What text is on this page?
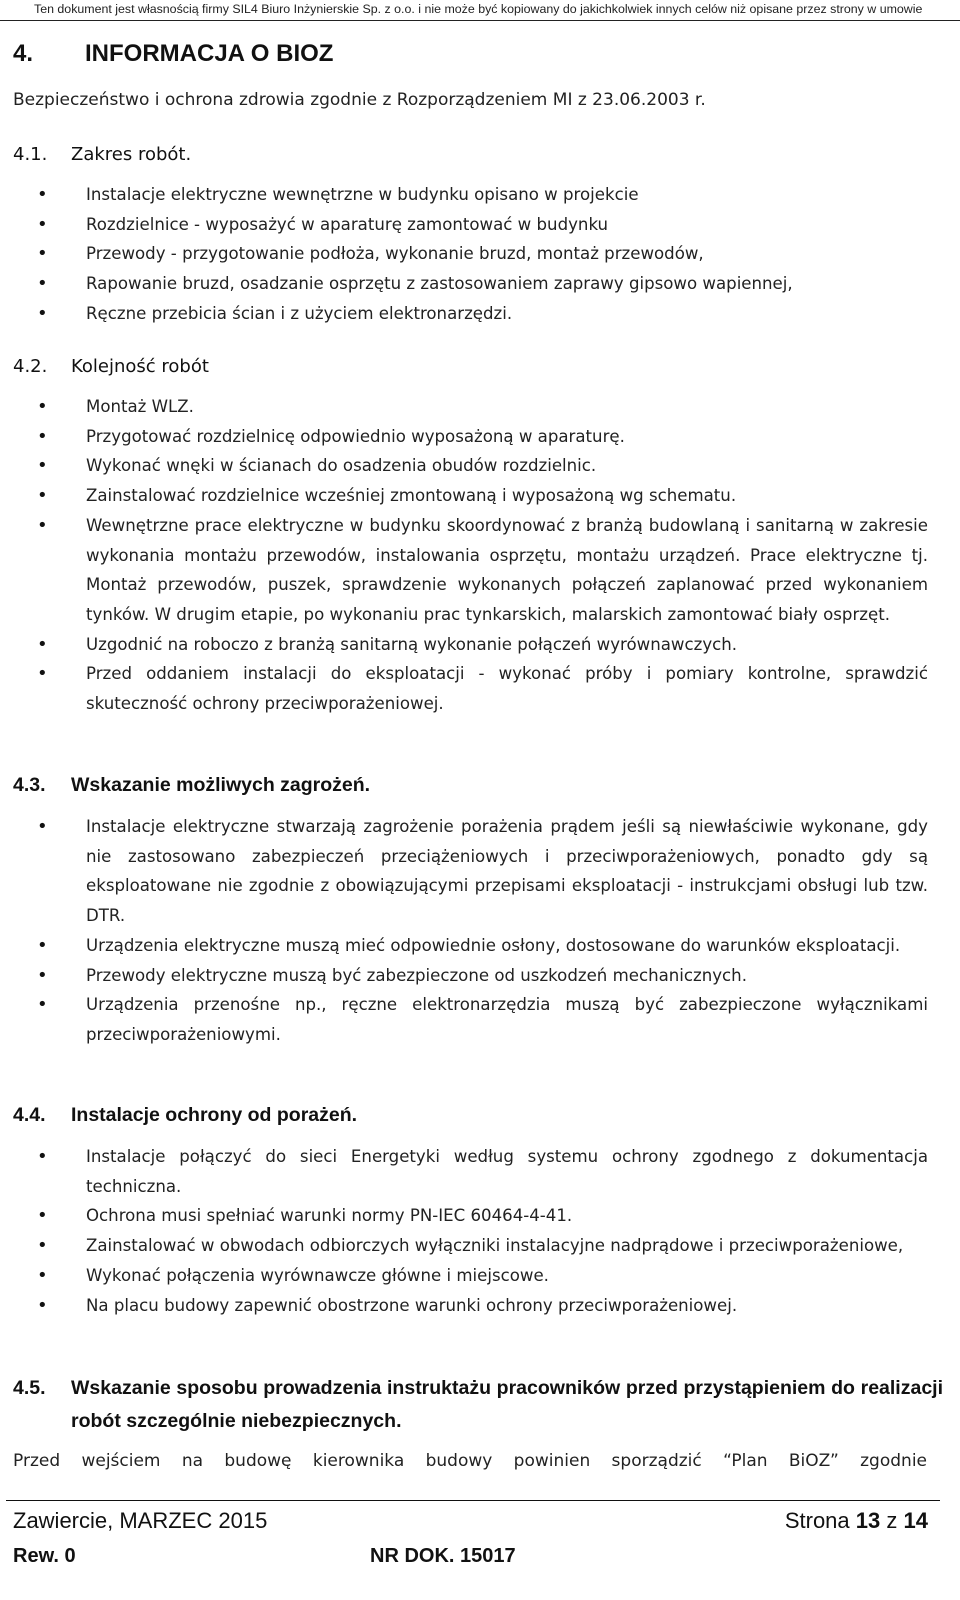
Ten dokument jest własnością firmy SIL4 Biuro Inżynierskie Sp. z o.o. i nie może być kopiowany do jakichkolwiek innych celów niż opisane przez strony w umowie
4. INFORMACJA O BIOZ
Bezpieczeństwo i ochrona zdrowia zgodnie z Rozporządzeniem MI z 23.06.2003 r.
4.1. Zakres robót.
• Instalacje elektryczne wewnętrzne w budynku opisano w projekcie
• Rozdzielnice - wyposażyć w aparaturę zamontować w budynku
• Przewody - przygotowanie podłoża, wykonanie bruzd, montaż przewodów,
• Rapowanie bruzd, osadzanie osprzętu z zastosowaniem zaprawy gipsowo wapiennej,
• Ręczne przebicia ścian i z użyciem elektronarzędzi.
4.2. Kolejność robót
• Montaż WLZ.
• Przygotować rozdzielnicę odpowiednio wyposażoną w aparaturę.
• Wykonać wnęki w ścianach do osadzenia obudów rozdzielnic.
• Zainstalować rozdzielnice wcześniej zmontowaną i wyposażoną wg schematu.
• Wewnętrzne prace elektryczne w budynku skoordynować z branżą budowlaną i sanitarną w zakresie wykonania montażu przewodów, instalowania osprzętu, montażu urządzeń. Prace elektryczne tj. Montaż przewodów, puszek, sprawdzenie wykonanych połączeń zaplanować przed wykonaniem tynków. W drugim etapie, po wykonaniu prac tynkarskich, malarskich zamontować biały osprzęt.
• Uzgodnić na roboczo z branżą sanitarną wykonanie połączeń wyrównawczych.
• Przed oddaniem instalacji do eksploatacji - wykonać próby i pomiary kontrolne, sprawdzić skuteczność ochrony przeciwporażeniowej.
4.3. Wskazanie możliwych zagrożeń.
• Instalacje elektryczne stwarzają zagrożenie porażenia prądem jeśli są niewłaściwie wykonane, gdy nie zastosowano zabezpieczeń przeciążeniowych i przeciwporażeniowych, ponadto gdy są eksploatowane nie zgodnie z obowiązującymi przepisami eksploatacji - instrukcjami obsługi lub tzw. DTR.
• Urządzenia elektryczne muszą mieć odpowiednie osłony, dostosowane do warunków eksploatacji.
• Przewody elektryczne muszą być zabezpieczone od uszkodzeń mechanicznych.
• Urządzenia przenośne np., ręczne elektronarzędzia muszą być zabezpieczone wyłącznikami przeciwporażeniowymi.
4.4. Instalacje ochrony od porażeń.
• Instalacje połączyć do sieci Energetyki według systemu ochrony zgodnego z dokumentacja techniczna.
• Ochrona musi spełniać warunki normy PN-IEC 60464-4-41.
• Zainstalować w obwodach odbiorczych wyłączniki instalacyjne nadprądowe i przeciwporażeniowe,
• Wykonać połączenia wyrównawcze główne i miejscowe.
• Na placu budowy zapewnić obostrzone warunki ochrony przeciwporażeniowej.
4.5.	Wskazanie sposobu prowadzenia instruktażu pracowników przed przystąpieniem do realizacji robót szczególnie niebezpiecznych.
Przed wejściem na budowę kierownika budowy powinien sporządzić “Plan BiOZ” zgodnie
Zawiercie, MARZEC 2015	Strona 13 z 14
Rew. 0	NR DOK. 15017
